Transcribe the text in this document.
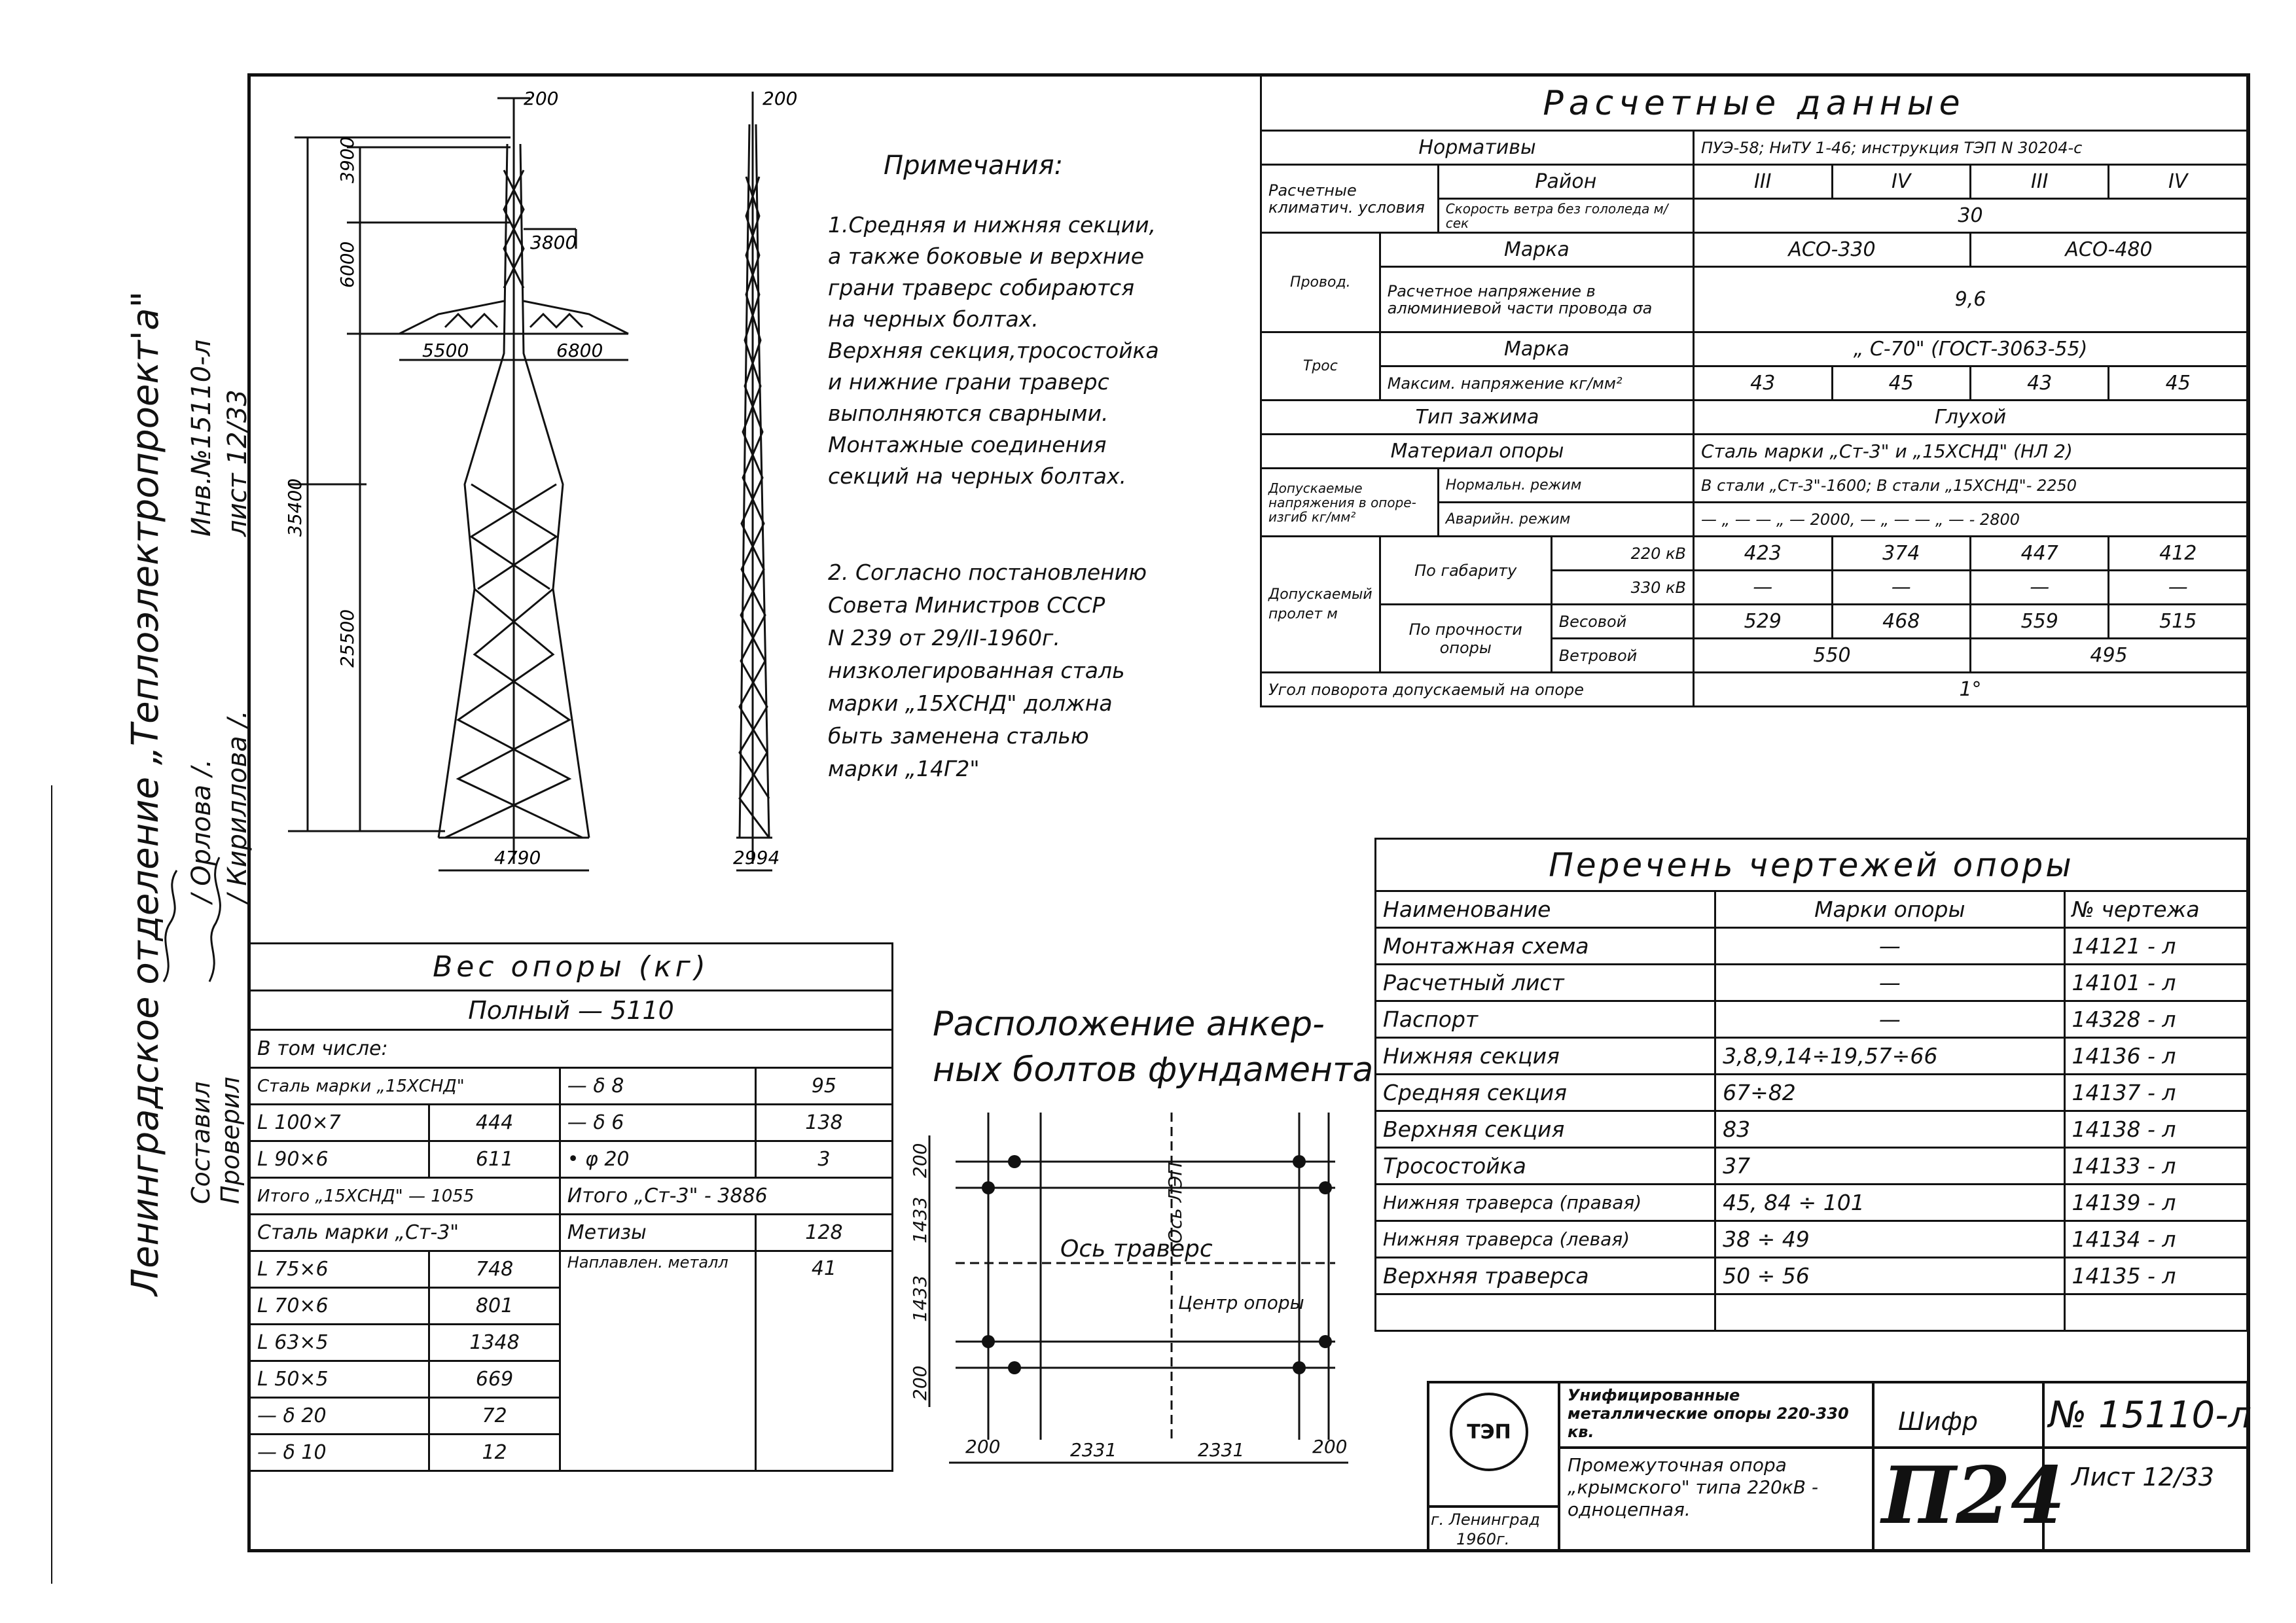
Ленинградское отделение „Теплоэлектропроект'а" Составил Проверил
/ Орлова /. / Кириллова /.
Инв.№15110-л лист 12/33
200
3900
6000	3800
5500	6800
35400
25500
4790
200
2994
Примечания:
1.Средняя и нижняя секции,
а также боковые и верхние
грани траверс собираются
на черных болтах.
Верхняя секция,тросостойка
и нижние грани траверс
выполняются сварными.
Монтажные соединения
секций на черных болтах.
2. Согласно постановлению
Совета Министров СССР
N 239 от 29/II-1960г.
низколегированная сталь
марки „15ХСНД" должна
быть заменена сталью
марки „14Г2"
Расчетные данные							
Нормативы				ПУЭ-58; НиТУ 1-46; инструкция ТЭП N 30204-с			
Расчетные климатич. условия		Район		III	IV	III	IV
		Скорость ветра без гололеда м/сек		30			
Провод.	Марка			АСО-330		АСО-480	
	Расчетное напряжение в алюминиевой части провода σа			9,6			
Трос	Марка			„ С-70" (ГОСТ-3063-55)			
	Максим. напряжение кг/мм²			43	45	43	45
Тип зажима				Глухой			
Материал опоры				Сталь марки „Ст-3" и „15ХСНД" (НЛ 2)			
Допускаемые напряжения в опоре-изгиб кг/мм²		Нормальн. режим		В стали „Ст-3"-1600; В стали „15ХСНД"- 2250			
		Аварийн. режим		— „ — — „ — 2000, — „ — — „ — - 2800			
Допускаемый пролет м	По габариту		220 кВ	423	374	447	412
			330 кВ	—	—	—	—
	По прочности опоры		Весовой	529	468	559	515
			Ветровой	550		495	
Угол поворота допускаемый на опоре				1°			
Вес опоры (кг)			
Полный — 5110			
В том числе:			
Сталь марки „15ХСНД"		— δ 8	95
L 100×7	444	— δ 6	138
L 90×6	611	• φ 20	3
Итого „15ХСНД" — 1055		Итого „Ст-3" - 3886	
Сталь марки „Ст-3"		Метизы	128
L 75×6	748	Наплавлен. металл	41
L 70×6	801		
L 63×5	1348		
L 50×5	669		
— δ 20	72		
— δ 10	12		
Расположение анкер-
ных болтов фундамента
Ось траверс
Ось ЛЭП
Центр опоры
200
1433
1433
200
200	2331	2331	200
Перечень чертежей опоры		
Наименование	Марки опоры	№ чертежа
Монтажная схема	—	14121 - л
Расчетный лист	—	14101 - л
Паспорт	—	14328 - л
Нижняя секция	3,8,9,14÷19,57÷66	14136 - л
Средняя секция	67÷82	14137 - л
Верхняя секция	83	14138 - л
Тросостойка	37	14133 - л
Нижняя траверса (правая)	45, 84 ÷ 101	14139 - л
Нижняя траверса (левая)	38 ÷ 49	14134 - л
Верхняя траверса	50 ÷ 56	14135 - л

ТЭП
г. Ленинград
1960г.
Унифицированные металлические опоры 220-330 кв.
Промежуточная опора „крымского" типа 220кВ - одноцепная.
Шифр
П24
№ 15110-л
Лист 12/33
